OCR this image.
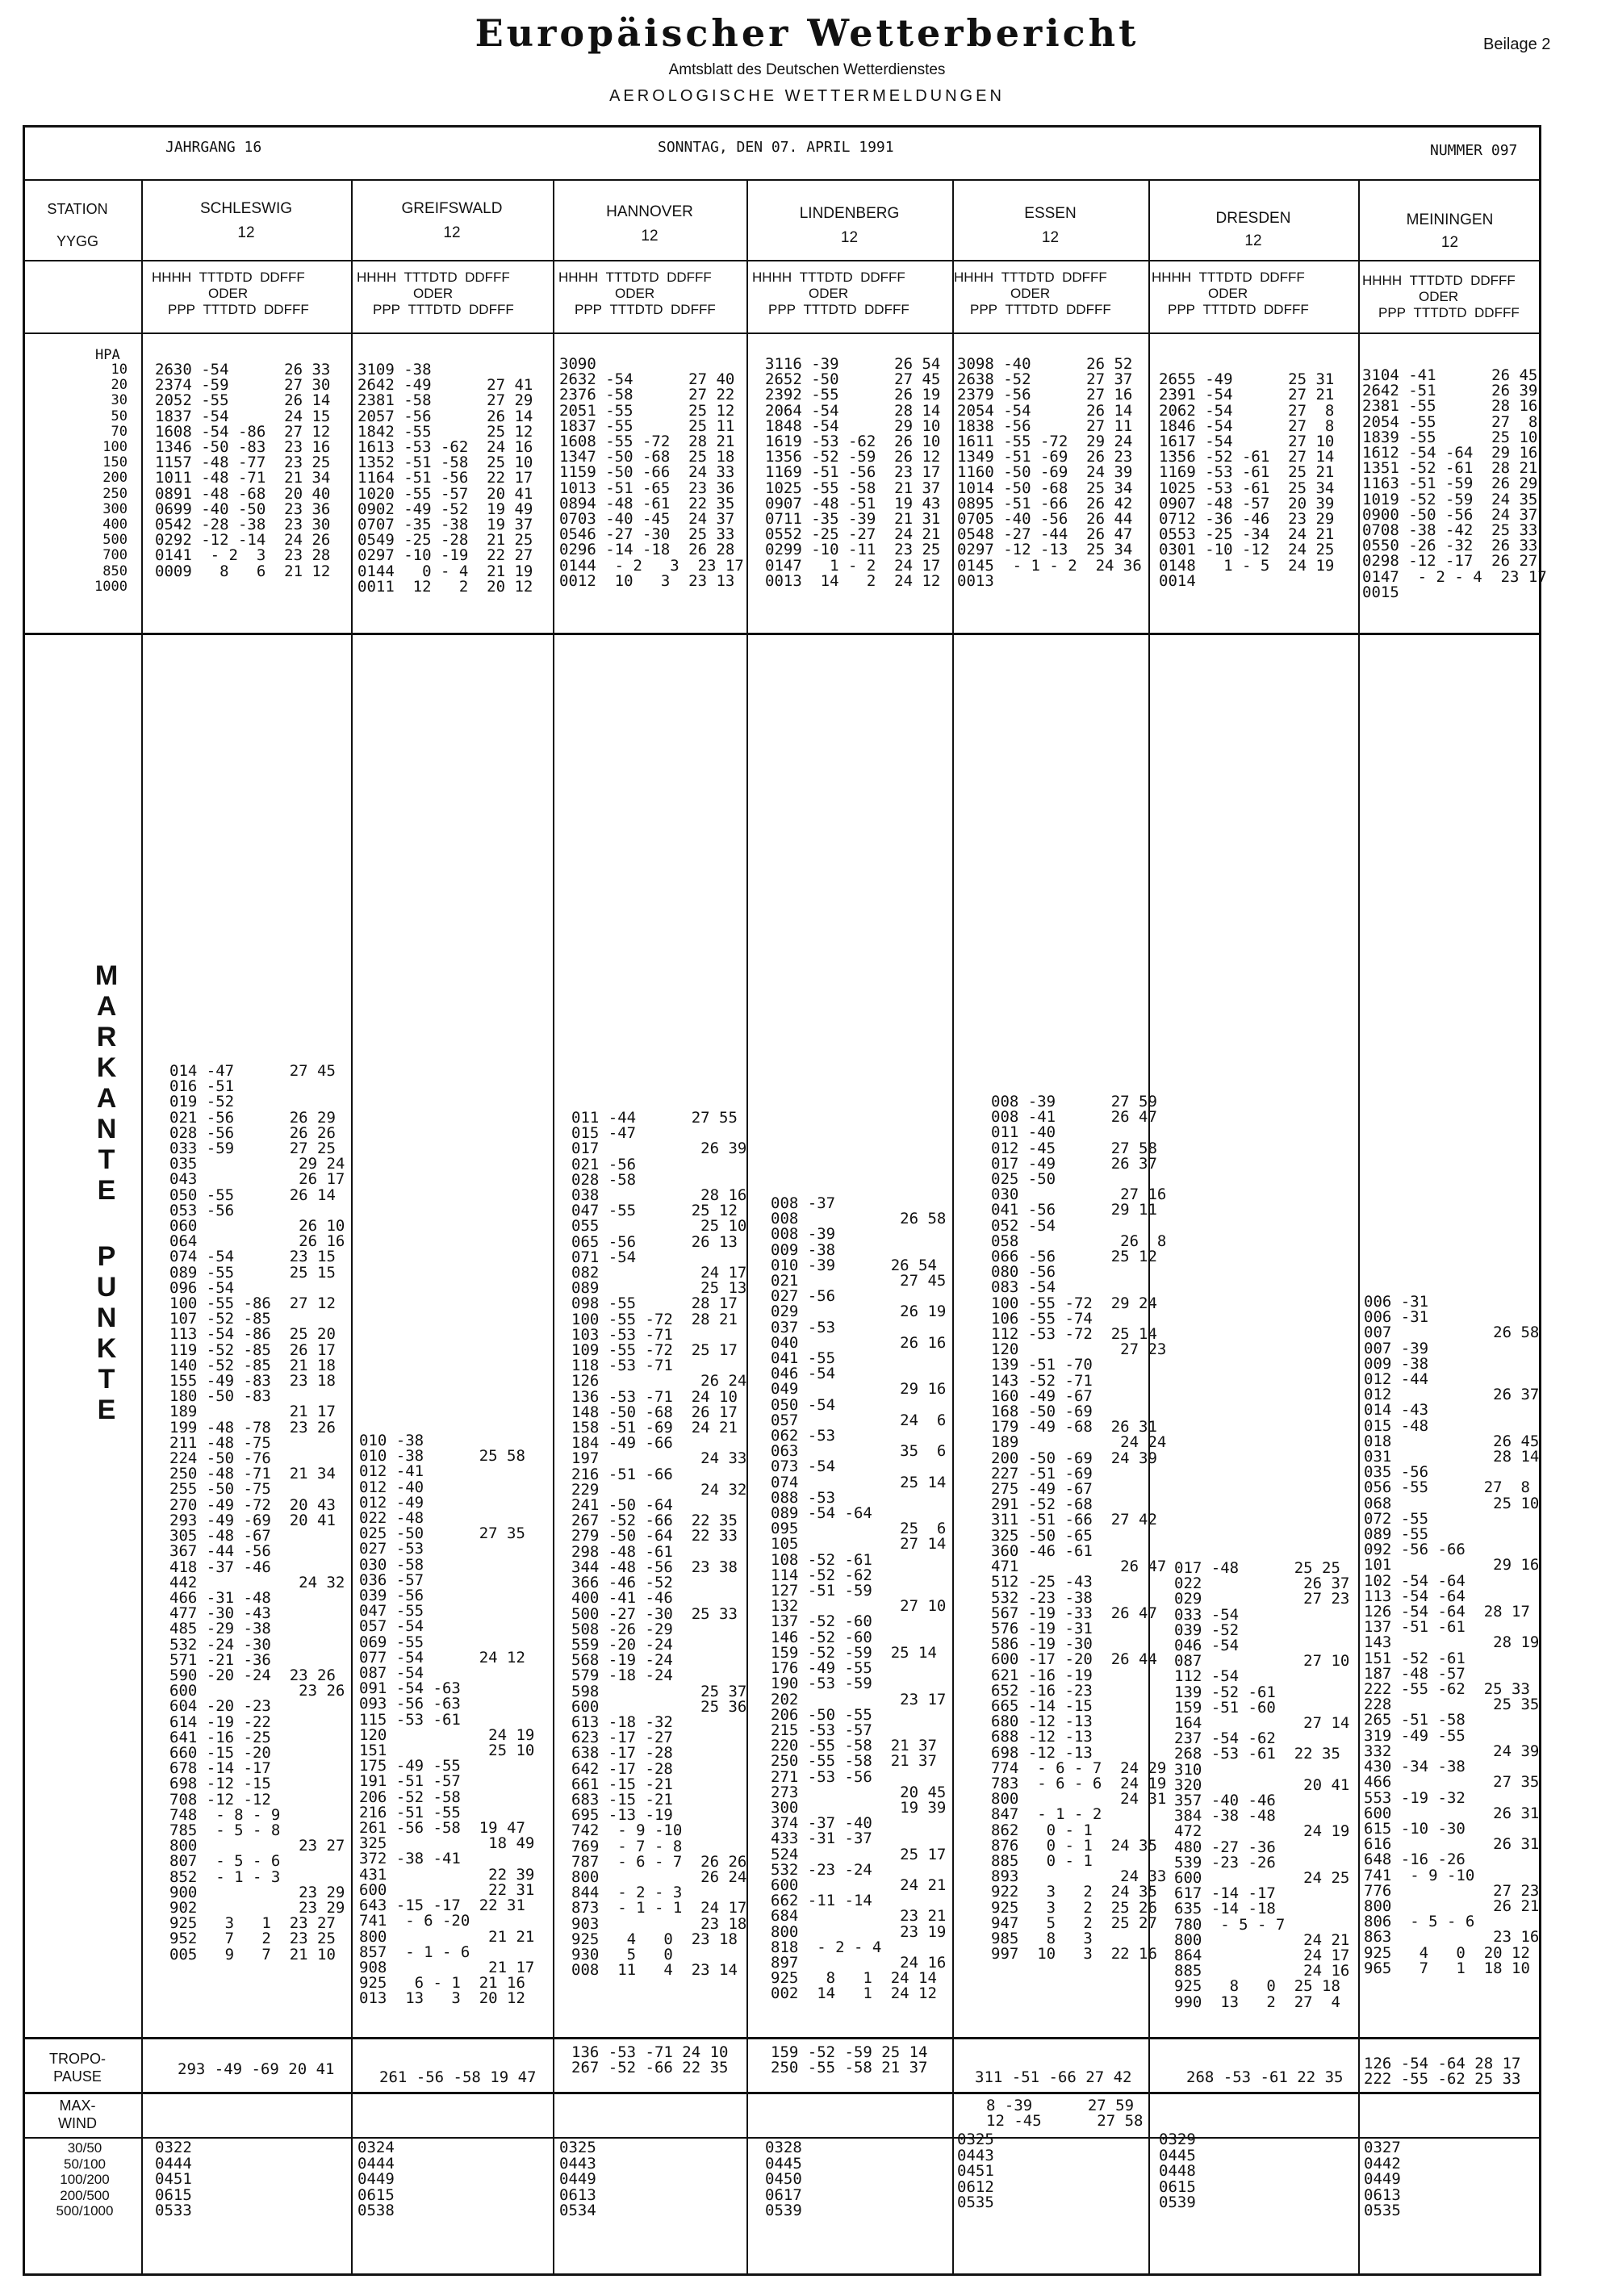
Europäischer Wetterbericht
Amtsblatt des Deutschen Wetterdienstes
AEROLOGISCHE WETTERMELDUNGEN
Beilage 2
JAHRGANG 16	SONNTAG, DEN 07. APRIL 1991	NUMMER 097
STATION
YYGG
TROPO-
PAUSE
MAX-
WIND
HPA
10
20
30
50
70
100
150
200
250
300
400
500
700
850
1000
M
A
R
K
A
N
T
E
P
U
N
K
T
E
30/50
50/100
100/200
200/500
500/1000
SCHLESWIG
12
HHHH TTTDTD DDFFF
ODER
PPP TTTDTD DDFFF
2630 -54      26 33
2374 -59      27 30
2052 -55      26 14
1837 -54      24 15
1608 -54 -86  27 12
1346 -50 -83  23 16
1157 -48 -77  23 25
1011 -48 -71  21 34
0891 -48 -68  20 40
0699 -40 -50  23 36
0542 -28 -38  23 30
0292 -12 -14  24 26
0141  - 2  3  23 28
0009   8   6  21 12
014 -47      27 45
016 -51
019 -52
021 -56      26 29
028 -56      26 26
033 -59      27 25
035           29 24
043           26 17
050 -55      26 14
053 -56
060           26 10
064           26 16
074 -54      23 15
089 -55      25 15
096 -54
100 -55 -86  27 12
107 -52 -85
113 -54 -86  25 20
119 -52 -85  26 17
140 -52 -85  21 18
155 -49 -83  23 18
180 -50 -83
189          21 17
199 -48 -78  23 26
211 -48 -75
224 -50 -76
250 -48 -71  21 34
255 -50 -75
270 -49 -72  20 43
293 -49 -69  20 41
305 -48 -67
367 -44 -56
418 -37 -46
442           24 32
466 -31 -48
477 -30 -43
485 -29 -38
532 -24 -30
571 -21 -36
590 -20 -24  23 26
600           23 26
604 -20 -23
614 -19 -22
641 -16 -25
660 -15 -20
678 -14 -17
698 -12 -15
708 -12 -12
748  - 8 - 9
785  - 5 - 8
800           23 27
807  - 5 - 6
852  - 1 - 3
900           23 29
902           23 29
925   3   1  23 27
952   7   2  23 25
005   9   7  21 10
293 -49 -69 20 41
0322
0444
0451
0615
0533
GREIFSWALD
12
HHHH TTTDTD DDFFF
ODER
PPP TTTDTD DDFFF
3109 -38
2642 -49      27 41
2381 -58      27 29
2057 -56      26 14
1842 -55      25 12
1613 -53 -62  24 16
1352 -51 -58  25 10
1164 -51 -56  22 17
1020 -55 -57  20 41
0902 -49 -52  19 49
0707 -35 -38  19 37
0549 -25 -28  21 25
0297 -10 -19  22 27
0144   0 - 4  21 19
0011  12   2  20 12
010 -38
010 -38      25 58
012 -41
012 -40
012 -49
022 -48
025 -50      27 35
027 -53
030 -58
036 -57
039 -56
047 -55
057 -54
069 -55
077 -54      24 12
087 -54
091 -54 -63
093 -56 -63
115 -53 -61
120           24 19
151           25 10
175 -49 -55
191 -51 -57
206 -52 -58
216 -51 -55
261 -56 -58  19 47
325           18 49
372 -38 -41
431           22 39
600           22 31
643 -15 -17  22 31
741  - 6 -20
800           21 21
857  - 1 - 6
908           21 17
925   6 - 1  21 16
013  13   3  20 12
261 -56 -58 19 47
0324
0444
0449
0615
0538
HANNOVER
12
HHHH TTTDTD DDFFF
ODER
PPP TTTDTD DDFFF
3090
2632 -54      27 40
2376 -58      27 22
2051 -55      25 12
1837 -55      25 11
1608 -55 -72  28 21
1347 -50 -68  25 18
1159 -50 -66  24 33
1013 -51 -65  23 36
0894 -48 -61  22 35
0703 -40 -45  24 37
0546 -27 -30  25 33
0296 -14 -18  26 28
0144  - 2   3  23 17
0012  10   3  23 13
011 -44      27 55
015 -47
017           26 39
021 -56
028 -58
038           28 16
047 -55      25 12
055           25 10
065 -56      26 13
071 -54
082           24 17
089           25 13
098 -55      28 17
100 -55 -72  28 21
103 -53 -71
109 -55 -72  25 17
118 -53 -71
126           26 24
136 -53 -71  24 10
148 -50 -68  26 17
158 -51 -69  24 21
184 -49 -66
197           24 33
216 -51 -66
229           24 32
241 -50 -64
267 -52 -66  22 35
279 -50 -64  22 33
298 -48 -61
344 -48 -56  23 38
366 -46 -52
400 -41 -46
500 -27 -30  25 33
508 -26 -29
559 -20 -24
568 -19 -24
579 -18 -24
598           25 37
600           25 36
613 -18 -32
623 -17 -27
638 -17 -28
642 -17 -28
661 -15 -21
683 -15 -21
695 -13 -19
742  - 9 -10
769  - 7 - 8
787  - 6 - 7  26 26
800           26 24
844  - 2 - 3
873  - 1 - 1  24 17
903           23 18
925   4   0  23 18
930   5   0
008  11   4  23 14
136 -53 -71 24 10
267 -52 -66 22 35
0325
0443
0449
0613
0534
LINDENBERG
12
HHHH TTTDTD DDFFF
ODER
PPP TTTDTD DDFFF
3116 -39      26 54
2652 -50      27 45
2392 -55      26 19
2064 -54      28 14
1848 -54      29 10
1619 -53 -62  26 10
1356 -52 -59  26 12
1169 -51 -56  23 17
1025 -55 -58  21 37
0907 -48 -51  19 43
0711 -35 -39  21 31
0552 -25 -27  24 21
0299 -10 -11  23 25
0147   1 - 2  24 17
0013  14   2  24 12
008 -37
008           26 58
008 -39
009 -38
010 -39      26 54
021           27 45
027 -56
029           26 19
037 -53
040           26 16
041 -55
046 -54
049           29 16
050 -54
057           24  6
062 -53
063           35  6
073 -54
074           25 14
088 -53
089 -54 -64
095           25  6
105           27 14
108 -52 -61
114 -52 -62
127 -51 -59
132           27 10
137 -52 -60
146 -52 -60
159 -52 -59  25 14
176 -49 -55
190 -53 -59
202           23 17
206 -50 -55
215 -53 -57
220 -55 -58  21 37
250 -55 -58  21 37
271 -53 -56
273           20 45
300           19 39
374 -37 -40
433 -31 -37
524           25 17
532 -23 -24
600           24 21
662 -11 -14
684           23 21
800           23 19
818  - 2 - 4
897           24 16
925   8   1  24 14
002  14   1  24 12
159 -52 -59 25 14
250 -55 -58 21 37
0328
0445
0450
0617
0539
ESSEN
12
HHHH TTTDTD DDFFF
ODER
PPP TTTDTD DDFFF
3098 -40      26 52
2638 -52      27 37
2379 -56      27 16
2054 -54      26 14
1838 -56      27 11
1611 -55 -72  29 24
1349 -51 -69  26 23
1160 -50 -69  24 39
1014 -50 -68  25 34
0895 -51 -66  26 42
0705 -40 -56  26 44
0548 -27 -44  26 47
0297 -12 -13  25 34
0145  - 1 - 2  24 36
0013
008 -39      27 59
008 -41      26 47
011 -40
012 -45      27 58
017 -49      26 37
025 -50
030           27 16
041 -56      29 11
052 -54
058           26  8
066 -56      25 12
080 -56
083 -54
100 -55 -72  29 24
106 -55 -74
112 -53 -72  25 14
120           27 23
139 -51 -70
143 -52 -71
160 -49 -67
168 -50 -69
179 -49 -68  26 31
189           24 24
200 -50 -69  24 39
227 -51 -69
275 -49 -67
291 -52 -68
311 -51 -66  27 42
325 -50 -65
360 -46 -61
471           26 47
512 -25 -43
532 -23 -38
567 -19 -33  26 47
576 -19 -31
586 -19 -30
600 -17 -20  26 44
621 -16 -19
652 -16 -23
665 -14 -15
680 -12 -13
688 -12 -13
698 -12 -13
774  - 6 - 7  24 29
783  - 6 - 6  24 19
800           24 31
847  - 1 - 2
862   0 - 1
876   0 - 1  24 35
885   0 - 1
893           24 33
922   3   2  24 35
925   3   2  25 26
947   5   2  25 27
985   8   3
997  10   3  22 16
311 -51 -66 27 42
8 -39      27 59
12 -45      27 58
0325
0443
0451
0612
0535
DRESDEN
12
HHHH TTTDTD DDFFF
ODER
PPP TTTDTD DDFFF

2655 -49      25 31
2391 -54      27 21
2062 -54      27  8
1846 -54      27  8
1617 -54      27 10
1356 -52 -61  27 14
1169 -53 -61  25 21
1025 -53 -61  25 34
0907 -48 -57  20 39
0712 -36 -46  23 29
0553 -25 -34  24 21
0301 -10 -12  24 25
0148   1 - 5  24 19
0014
017 -48      25 25
022           26 37
029           27 23
033 -54
039 -52
046 -54
087           27 10
112 -54
139 -52 -61
159 -51 -60
164           27 14
237 -54 -62
268 -53 -61  22 35
310
320           20 41
357 -40 -46
384 -38 -48
472           24 19
480 -27 -36
539 -23 -26
600           24 25
617 -14 -17
635 -14 -18
780  - 5 - 7
800           24 21
864           24 17
885           24 16
925   8   0  25 18
990  13   2  27  4
268 -53 -61 22 35
0329
0445
0448
0615
0539
MEININGEN
12
HHHH TTTDTD DDFFF
ODER
PPP TTTDTD DDFFF
3104 -41      26 45
2642 -51      26 39
2381 -55      28 16
2054 -55      27  8
1839 -55      25 10
1612 -54 -64  29 16
1351 -52 -61  28 21
1163 -51 -59  26 29
1019 -52 -59  24 35
0900 -50 -56  24 37
0708 -38 -42  25 33
0550 -26 -32  26 33
0298 -12 -17  26 27
0147  - 2 - 4  23 17
0015
006 -31
006 -31
007           26 58
007 -39
009 -38
012 -44
012           26 37
014 -43
015 -48
018           26 45
031           28 14
035 -56
056 -55      27  8
068           25 10
072 -55
089 -55
092 -56 -66
101           29 16
102 -54 -64
113 -54 -64
126 -54 -64  28 17
137 -51 -61
143           28 19
151 -52 -61
187 -48 -57
222 -55 -62  25 33
228           25 35
265 -51 -58
319 -49 -55
332           24 39
430 -34 -38
466           27 35
553 -19 -32
600           26 31
615 -10 -30
616           26 31
648 -16 -26
741  - 9 -10
776           27 23
800           26 21
806  - 5 - 6
863           23 16
925   4   0  20 12
965   7   1  18 10
126 -54 -64 28 17
222 -55 -62 25 33
0327
0442
0449
0613
0535
